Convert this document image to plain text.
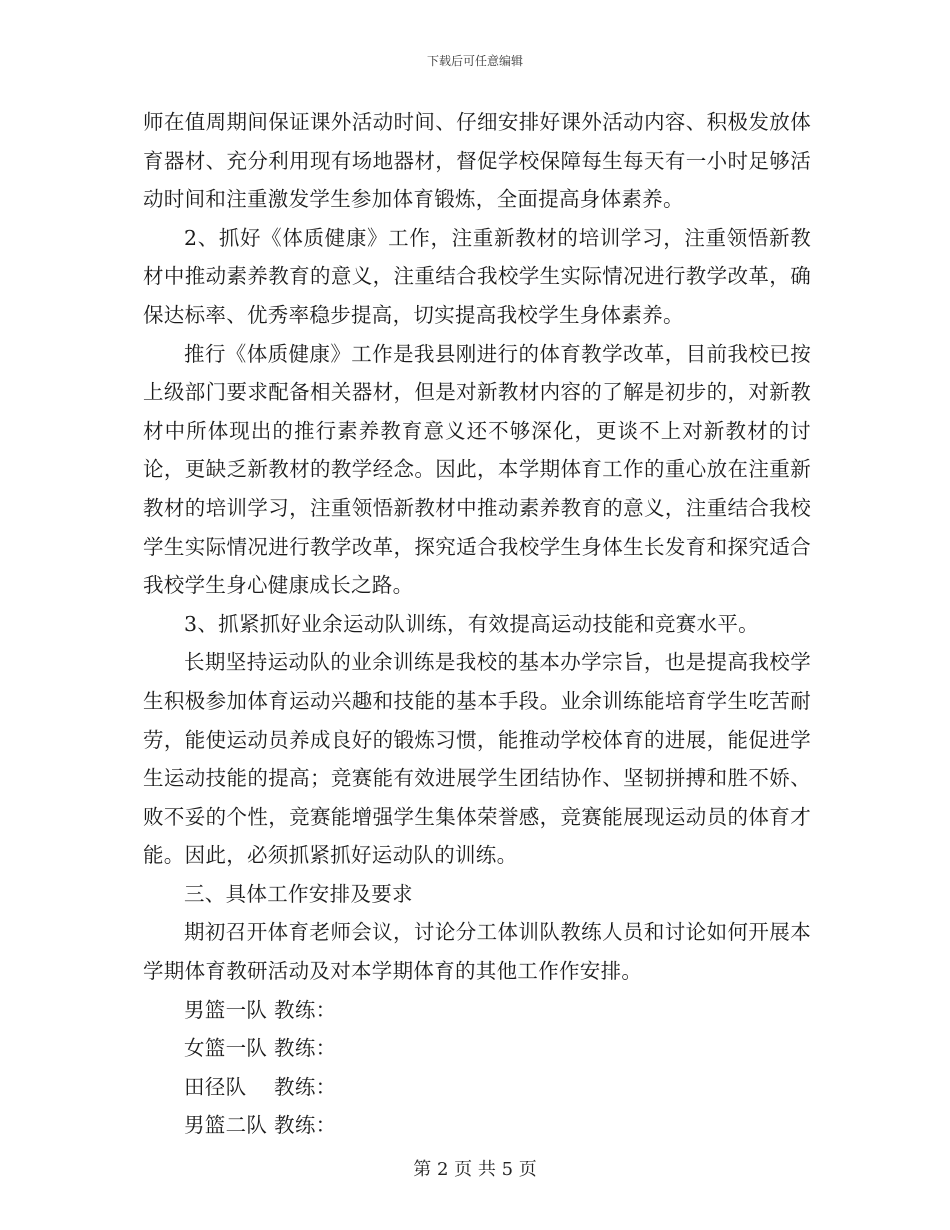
下载后可任意编辑

师在值周期间保证课外活动时间、仔细安排好课外活动内容、积极发放体育器材、充分利用现有场地器材，督促学校保障每生每天有一小时足够活动时间和注重激发学生参加体育锻炼，全面提高身体素养。

2、抓好《体质健康》工作，注重新教材的培训学习，注重领悟新教材中推动素养教育的意义，注重结合我校学生实际情况进行教学改革，确保达标率、优秀率稳步提高，切实提高我校学生身体素养。

推行《体质健康》工作是我县刚进行的体育教学改革，目前我校已按上级部门要求配备相关器材，但是对新教材内容的了解是初步的，对新教材中所体现出的推行素养教育意义还不够深化，更谈不上对新教材的讨论，更缺乏新教材的教学经念。因此，本学期体育工作的重心放在注重新教材的培训学习，注重领悟新教材中推动素养教育的意义，注重结合我校学生实际情况进行教学改革，探究适合我校学生身体生长发育和探究适合我校学生身心健康成长之路。

3、抓紧抓好业余运动队训练，有效提高运动技能和竞赛水平。

长期坚持运动队的业余训练是我校的基本办学宗旨，也是提高我校学生积极参加体育运动兴趣和技能的基本手段。业余训练能培育学生吃苦耐劳，能使运动员养成良好的锻炼习惯，能推动学校体育的进展，能促进学生运动技能的提高；竞赛能有效进展学生团结协作、坚韧拼搏和胜不娇、败不妥的个性，竞赛能增强学生集体荣誉感，竞赛能展现运动员的体育才能。因此，必须抓紧抓好运动队的训练。

三、具体工作安排及要求

期初召开体育老师会议，讨论分工体训队教练人员和讨论如何开展本学期体育教研活动及对本学期体育的其他工作作安排。

男篮一队 教练：

女篮一队 教练：

田径队　 教练：

男篮二队 教练：

第 2 页 共 5 页
